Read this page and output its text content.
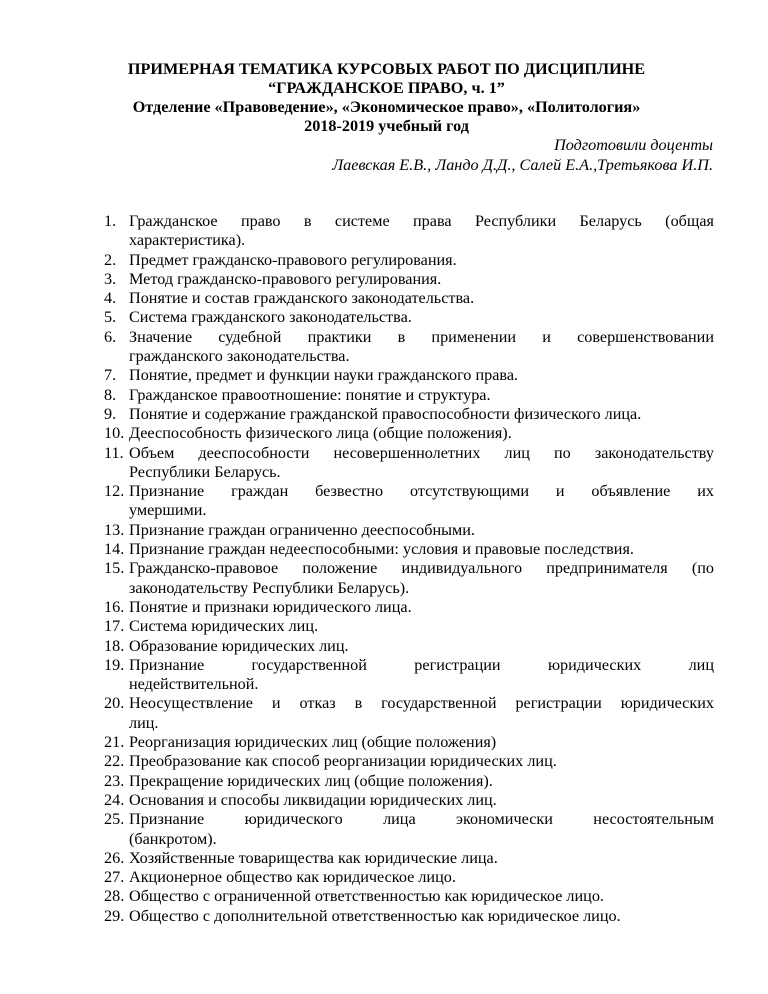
ПРИМЕРНАЯ ТЕМАТИКА КУРСОВЫХ РАБОТ ПО ДИСЦИПЛИНЕ
“ГРАЖДАНСКОЕ ПРАВО, ч. 1”
Отделение «Правоведение», «Экономическое право», «Политология»
2018-2019 учебный год
Подготовили доценты
Лаевская Е.В., Ландо Д.Д., Салей Е.А.,Третьякова И.П.
1. Гражданское право в системе права Республики Беларусь (общая
характеристика).
2. Предмет гражданско-правового регулирования.
3. Метод гражданско-правового регулирования.
4. Понятие и состав гражданского законодательства.
5. Система гражданского законодательства.
6. Значение судебной практики в применении и совершенствовании
гражданского законодательства.
7. Понятие, предмет и функции науки гражданского права.
8. Гражданское правоотношение: понятие и структура.
9. Понятие и содержание гражданской правоспособности физического лица.
10. Дееспособность физического лица (общие положения).
11. Объем дееспособности несовершеннолетних лиц по законодательству
Республики Беларусь.
12. Признание граждан безвестно отсутствующими и объявление их
умершими.
13. Признание граждан ограниченно дееспособными.
14. Признание граждан недееспособными: условия и правовые последствия.
15. Гражданско-правовое положение индивидуального предпринимателя (по
законодательству Республики Беларусь).
16. Понятие и признаки юридического лица.
17. Система юридических лиц.
18. Образование юридических лиц.
19. Признание государственной регистрации юридических лиц
недействительной.
20. Неосуществление и отказ в государственной регистрации юридических
лиц.
21. Реорганизация юридических лиц (общие положения)
22. Преобразование как способ реорганизации юридических лиц.
23. Прекращение юридических лиц (общие положения).
24. Основания и способы ликвидации юридических лиц.
25. Признание юридического лица экономически несостоятельным
(банкротом).
26. Хозяйственные товарищества как юридические лица.
27. Акционерное общество как юридическое лицо.
28. Общество с ограниченной ответственностью как юридическое лицо.
29. Общество с дополнительной ответственностью как юридическое лицо.
